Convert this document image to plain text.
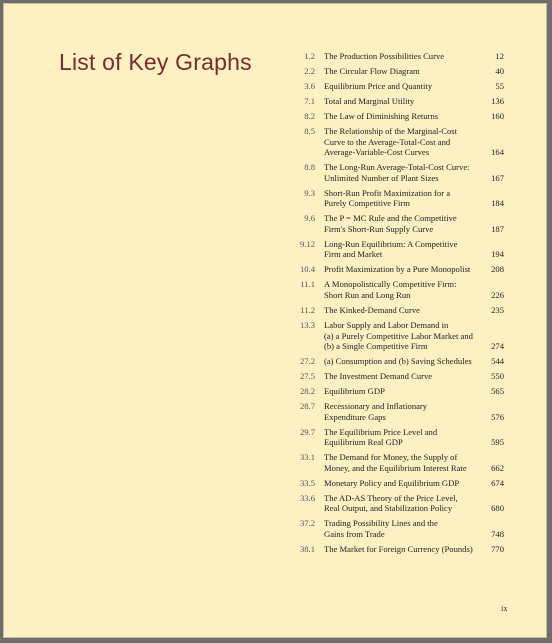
List of Key Graphs	1.2 The Production Possibilities Curve	12
2.2 The Circular Flow Diagram	40
3.6 Equilibrium Price and Quantity	55
7.1 Total and Marginal Utility	136
8.2 The Law of Diminishing Returns	160
8.5 The Relationship of the Marginal-Cost
Curve to the Average-Total-Cost and
Average-Variable-Cost Curves	164
8.8 The Long-Run Average-Total-Cost Curve:
Unlimited Number of Plant Sizes	167
9.3 Short-Run Profit Maximization for a
Purely Competitive Firm	184
9.6 The P = MC Rule and the Competitive
Firm's Short-Run Supply Curve	187
9.12 Long-Run Equilibrium: A Competitive
Firm and Market	194
10.4 Profit Maximization by a Pure Monopolist	208
11.1 A Monopolistically Competitive Firm:
Short Run and Long Run	226
11.2 The Kinked-Demand Curve	235
13.3 Labor Supply and Labor Demand in
(a) a Purely Competitive Labor Market and
(b) a Single Competitive Firm	274
27.2 (a) Consumption and (b) Saving Schedules	544
27.5 The Investment Demand Curve	550
28.2 Equilibrium GDP	565
28.7 Recessionary and Inflationary
Expenditure Gaps	576
29.7 The Equilibrium Price Level and
Equilibrium Real GDP	595
33.1 The Demand for Money, the Supply of
Money, and the Equilibrium Interest Rate	662
33.5 Monetary Policy and Equilibrium GDP	674
33.6 The AD-AS Theory of the Price Level,
Real Output, and Stabilization Policy	680
37.2 Trading Possibility Lines and the
Gains from Trade	748
38.1 The Market for Foreign Currency (Pounds)	770
ix
